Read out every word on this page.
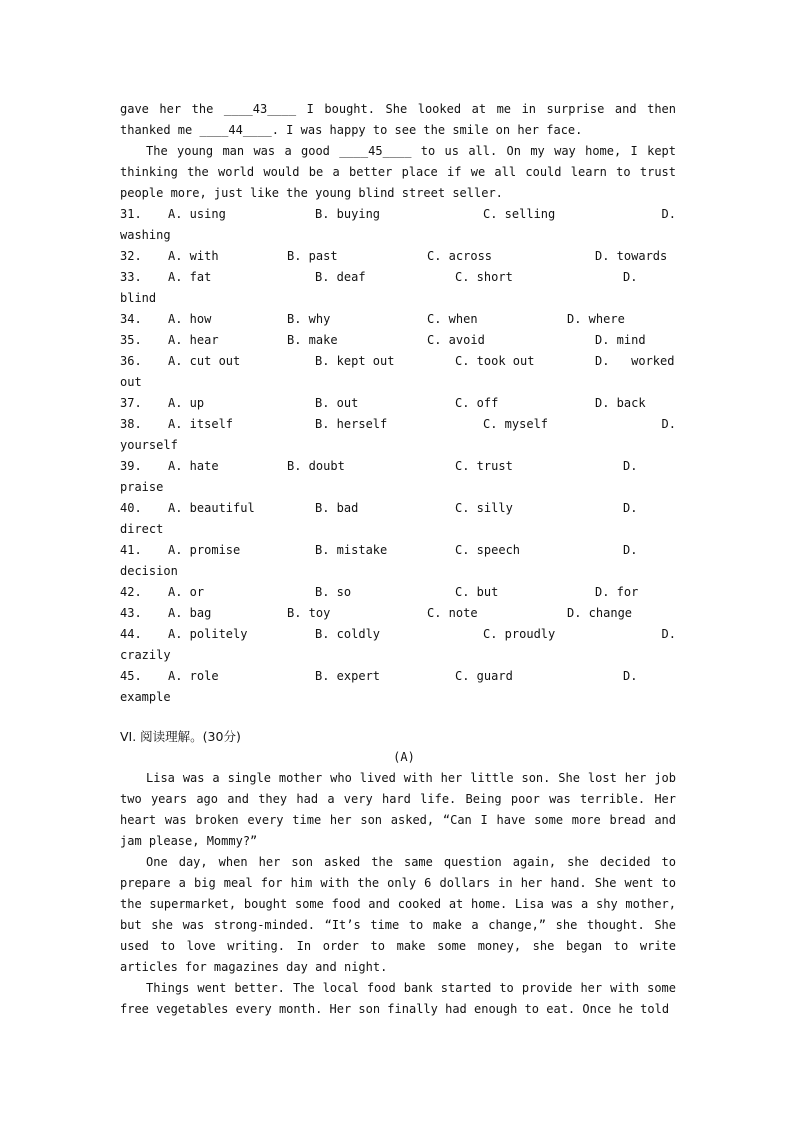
gave her the ____43____ I bought. She looked at me in surprise and then thanked me ____44____. I was happy to see the smile on her face.

The young man was a good ____45____ to us all. On my way home, I kept thinking the world would be a better place if we all could learn to trust people more, just like the young blind street seller.

31. A. using	B. buying	C. selling	D.
washing
32. A. with	B. past	C. across	D. towards
33. A. fat	B. deaf	C. short	D.
blind
34. A. how	B. why	C. when	D. where
35. A. hear	B. make	C. avoid	D. mind
36. A. cut out	B. kept out	C. took out	D.   worked
out
37. A. up	B. out	C. off	D. back
38. A. itself	B. herself	C. myself	D.
yourself
39. A. hate	B. doubt	C. trust	D.
praise
40. A. beautiful	B. bad	C. silly	D.
direct
41. A. promise	B. mistake	C. speech	D.
decision
42. A. or	B. so	C. but	D. for
43. A. bag	B. toy	C. note	D. change
44. A. politely	B. coldly	C. proudly	D.
crazily
45. A. role	B. expert	C. guard	D.
example

VI. 阅读理解。(30分)

(A)

Lisa was a single mother who lived with her little son. She lost her job two years ago and they had a very hard life. Being poor was terrible. Her heart was broken every time her son asked, “Can I have some more bread and jam please, Mommy?”

One day, when her son asked the same question again, she decided to prepare a big meal for him with the only 6 dollars in her hand. She went to the supermarket, bought some food and cooked at home. Lisa was a shy mother, but she was strong-minded. “It’s time to make a change,” she thought. She used to love writing. In order to make some money, she began to write articles for magazines day and night.

Things went better. The local food bank started to provide her with some free vegetables every month. Her son finally had enough to eat. Once he told
